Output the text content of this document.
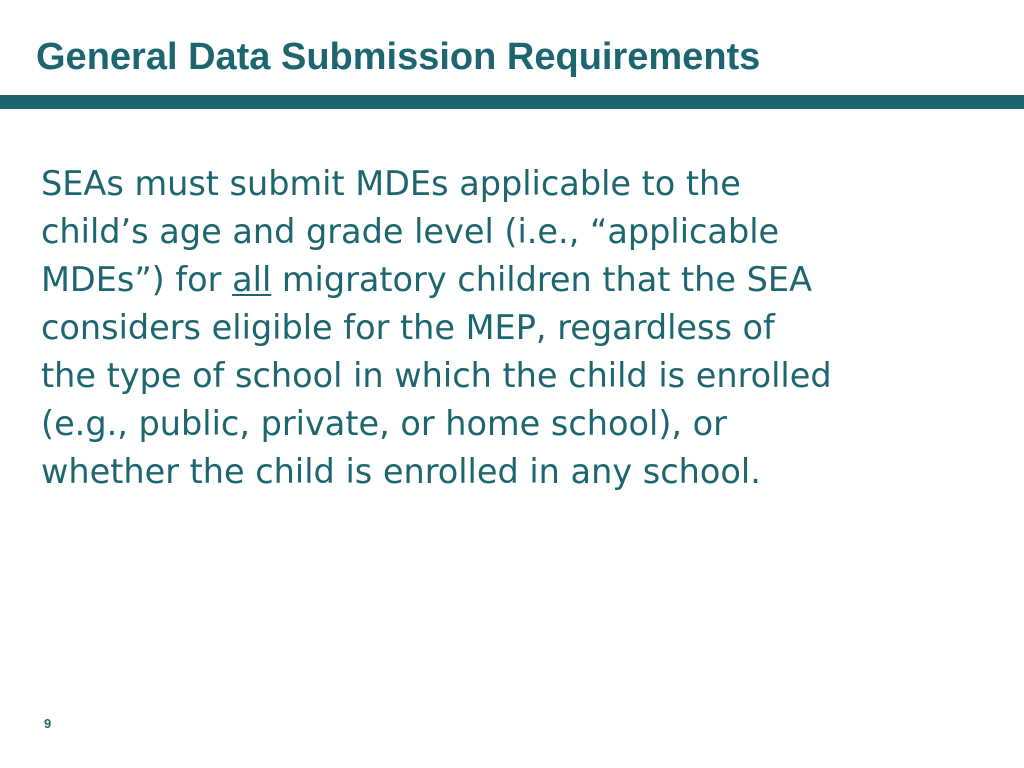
General Data Submission Requirements

SEAs must submit MDEs applicable to the
child’s age and grade level (i.e., “applicable
MDEs”) for all migratory children that the SEA
considers eligible for the MEP, regardless of
the type of school in which the child is enrolled
(e.g., public, private, or home school), or
whether the child is enrolled in any school.

9
